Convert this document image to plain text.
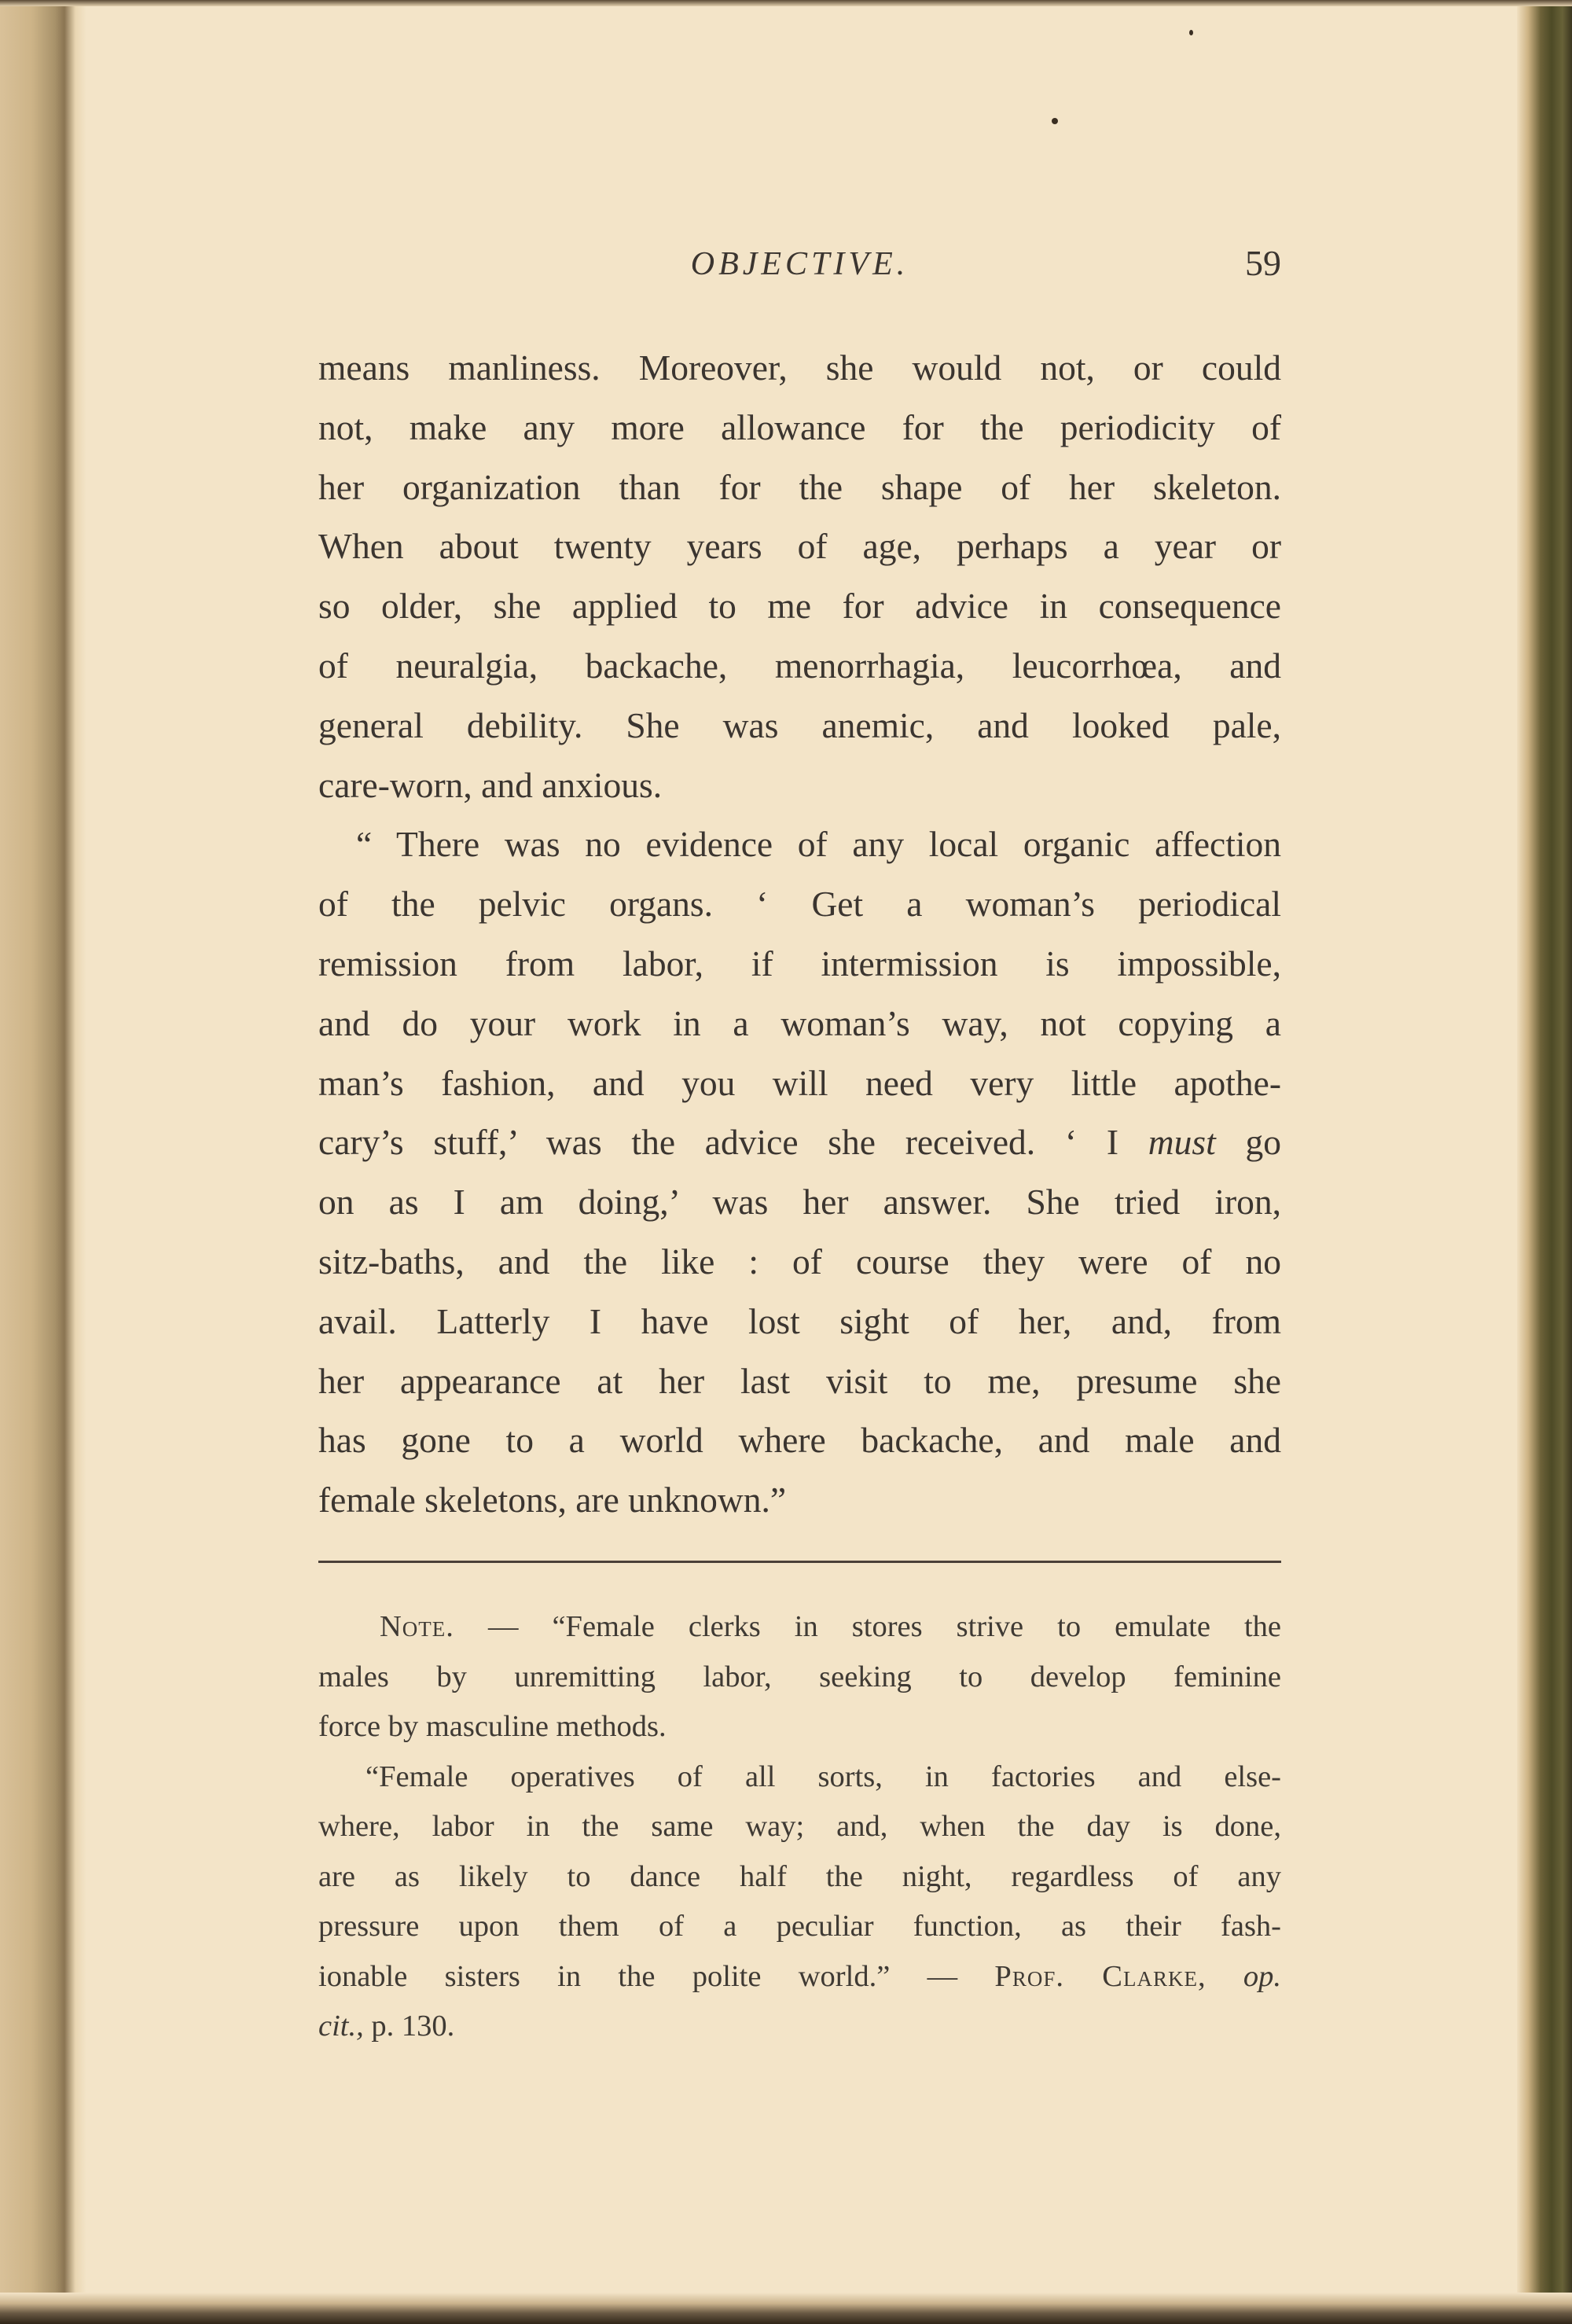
OBJECTIVE.	59
means manliness. Moreover, she would not, or could
not, make any more allowance for the periodicity of
her organization than for the shape of her skeleton.
When about twenty years of age, perhaps a year or
so older, she applied to me for advice in consequence
of neuralgia, backache, menorrhagia, leucorrhœa, and
general debility. She was anemic, and looked pale,
care-worn, and anxious.
“ There was no evidence of any local organic affection
of the pelvic organs. ‘ Get a woman’s periodical
remission from labor, if intermission is impossible,
and do your work in a woman’s way, not copying a
man’s fashion, and you will need very little apothe-
cary’s stuff,’ was the advice she received. ‘ I must go
on as I am doing,’ was her answer. She tried iron,
sitz-baths, and the like : of course they were of no
avail. Latterly I have lost sight of her, and, from
her appearance at her last visit to me, presume she
has gone to a world where backache, and male and
female skeletons, are unknown.”
Note. — “Female clerks in stores strive to emulate the
males by unremitting labor, seeking to develop feminine
force by masculine methods.
“Female operatives of all sorts, in factories and else-
where, labor in the same way; and, when the day is done,
are as likely to dance half the night, regardless of any
pressure upon them of a peculiar function, as their fash-
ionable sisters in the polite world.” — Prof. Clarke, op.
cit., p. 130.
